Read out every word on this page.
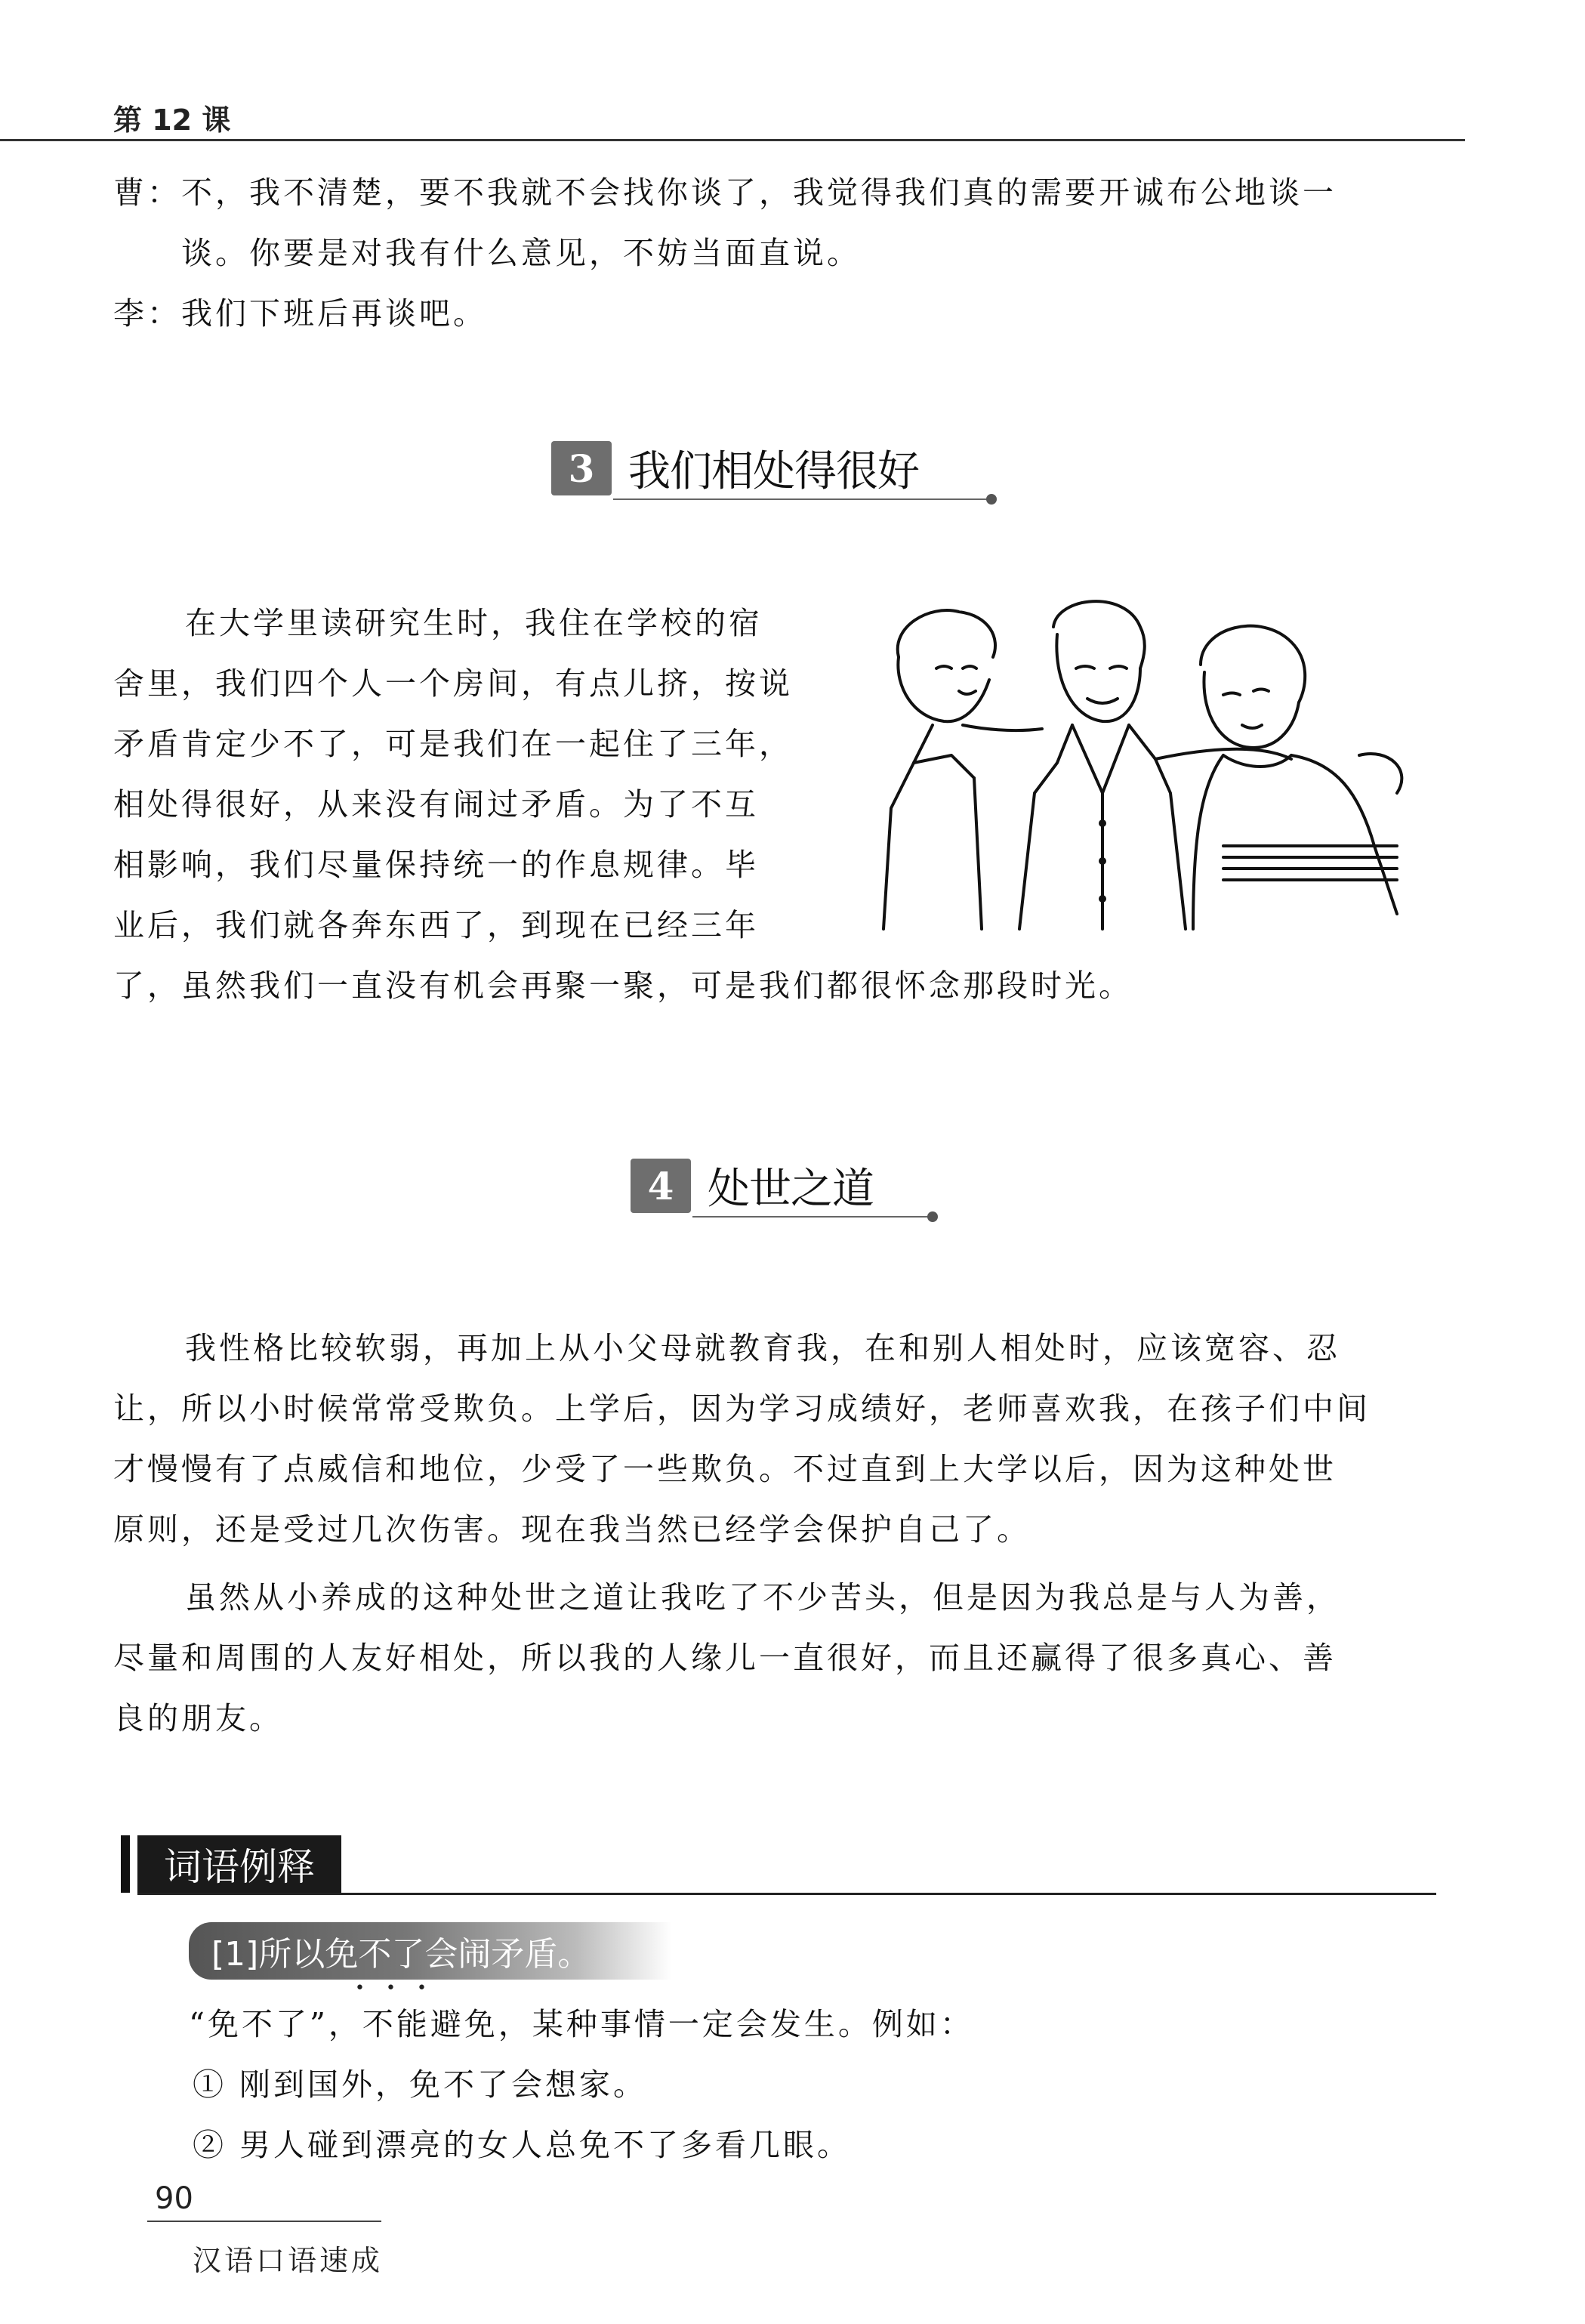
第 12 课
曹：不，我不清楚，要不我就不会找你谈了，我觉得我们真的需要开诚布公地谈一
谈。你要是对我有什么意见，不妨当面直说。
李：我们下班后再谈吧。
3 我们相处得很好
在大学里读研究生时，我住在学校的宿
舍里，我们四个人一个房间，有点儿挤，按说
矛盾肯定少不了，可是我们在一起住了三年，
相处得很好，从来没有闹过矛盾。为了不互
相影响，我们尽量保持统一的作息规律。毕
业后，我们就各奔东西了，到现在已经三年
了，虽然我们一直没有机会再聚一聚，可是我们都很怀念那段时光。
4 处世之道
我性格比较软弱，再加上从小父母就教育我，在和别人相处时，应该宽容、忍
让，所以小时候常常受欺负。上学后，因为学习成绩好，老师喜欢我，在孩子们中间
才慢慢有了点威信和地位，少受了一些欺负。不过直到上大学以后，因为这种处世
原则，还是受过几次伤害。现在我当然已经学会保护自己了。
虽然从小养成的这种处世之道让我吃了不少苦头，但是因为我总是与人为善，
尽量和周围的人友好相处，所以我的人缘儿一直很好，而且还赢得了很多真心、善
良的朋友。
词语例释
[1]所以免不了会闹矛盾。
•••
“免不了”，不能避免，某种事情一定会发生。例如：
① 刚到国外，免不了会想家。
② 男人碰到漂亮的女人总免不了多看几眼。
90
汉语口语速成
